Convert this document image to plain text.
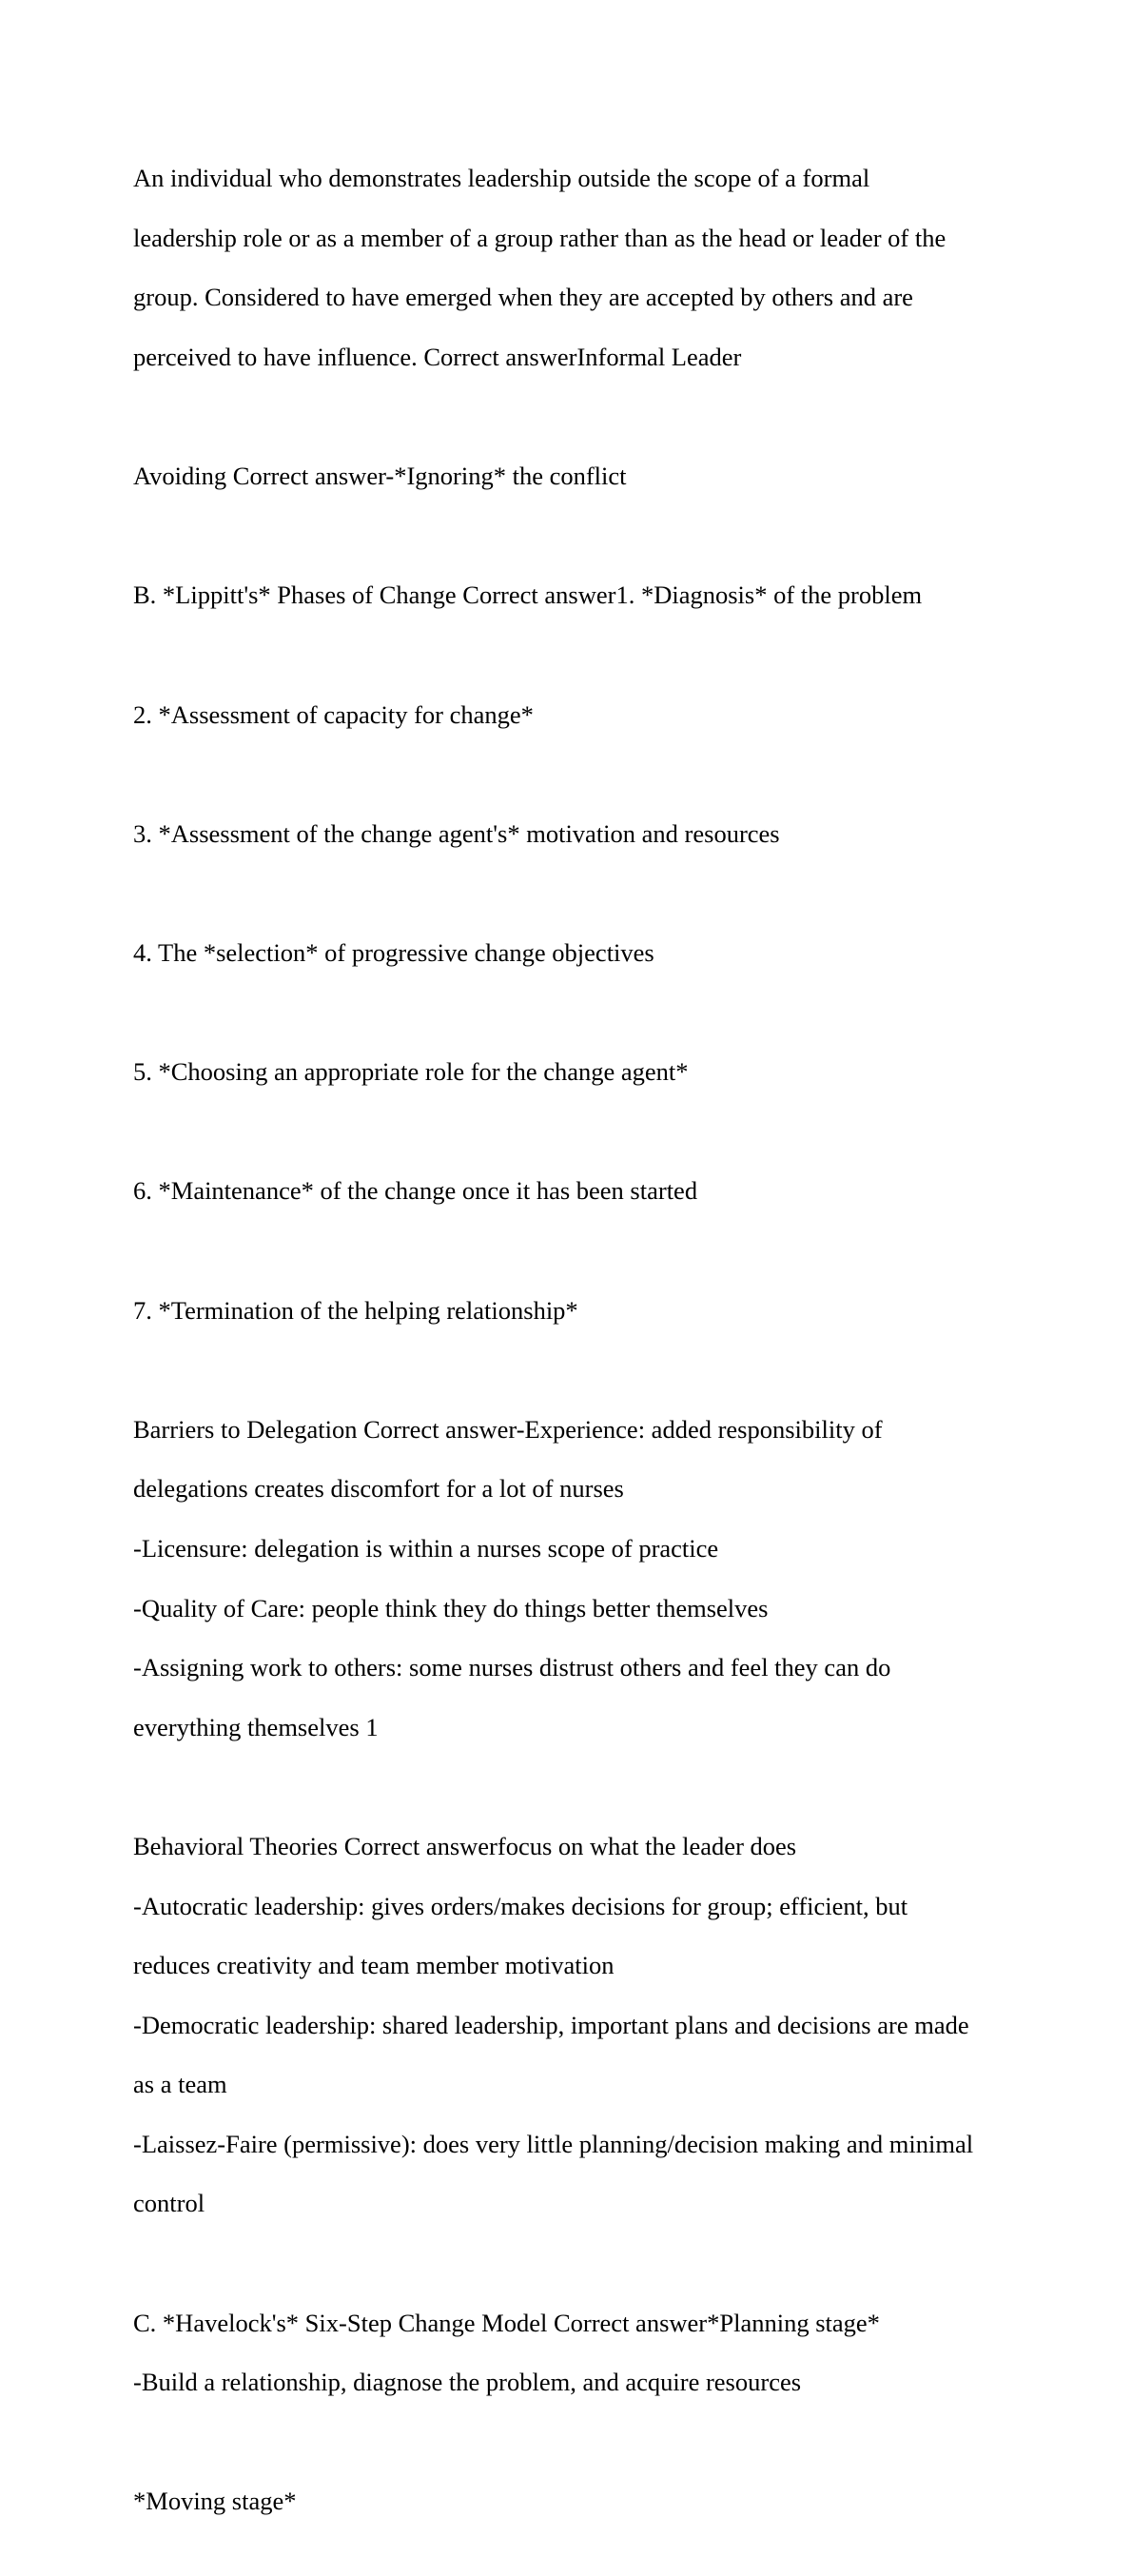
An individual who demonstrates leadership outside the scope of a formal

leadership role or as a member of a group rather than as the head or leader of the

group. Considered to have emerged when they are accepted by others and are

perceived to have influence. Correct answerInformal Leader

Avoiding Correct answer-*Ignoring* the conflict

B. *Lippitt's* Phases of Change Correct answer1. *Diagnosis* of the problem

2. *Assessment of capacity for change*

3. *Assessment of the change agent's* motivation and resources

4. The *selection* of progressive change objectives

5. *Choosing an appropriate role for the change agent*

6. *Maintenance* of the change once it has been started

7. *Termination of the helping relationship*

Barriers to Delegation Correct answer-Experience: added responsibility of

delegations creates discomfort for a lot of nurses

-Licensure: delegation is within a nurses scope of practice

-Quality of Care: people think they do things better themselves

-Assigning work to others: some nurses distrust others and feel they can do

everything themselves 1

Behavioral Theories Correct answerfocus on what the leader does

-Autocratic leadership: gives orders/makes decisions for group; efficient, but

reduces creativity and team member motivation

-Democratic leadership: shared leadership, important plans and decisions are made

as a team

-Laissez-Faire (permissive): does very little planning/decision making and minimal

control

C. *Havelock's* Six-Step Change Model Correct answer*Planning stage*

-Build a relationship, diagnose the problem, and acquire resources

*Moving stage*
